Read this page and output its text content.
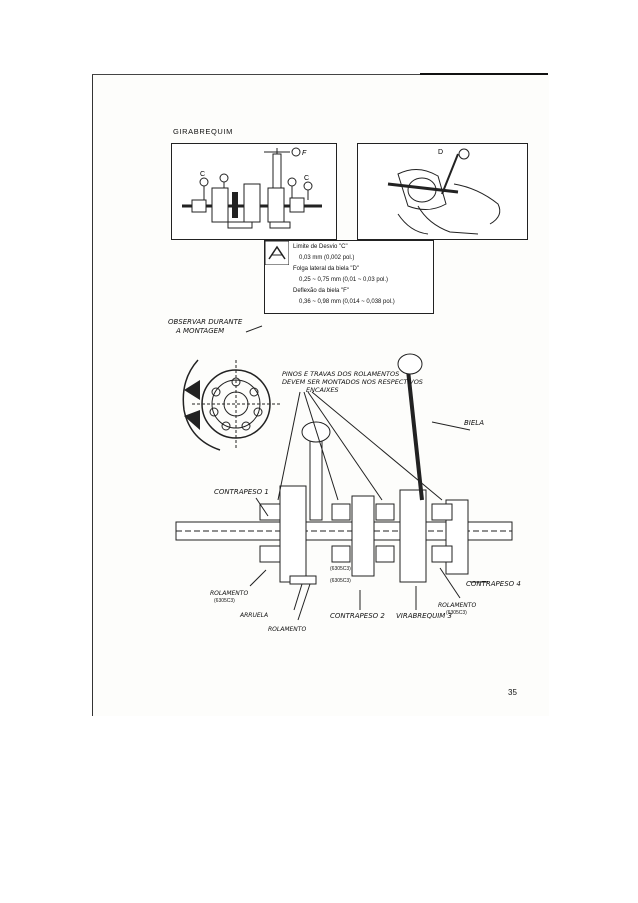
GIRABREQUIM
C
C
F	D
Limite de Desvio "C"
0,03 mm (0,002 pol.)
Folga lateral da biela "D"
0,25 ~ 0,75 mm (0,01 ~ 0,03 pol.)
Deflexão da biela "F"
0,36 ~ 0,98 mm (0,014 ~ 0,038 pol.)
OBSERVAR DURANTE
A MONTAGEM
PINOS E TRAVAS DOS ROLAMENTOS
DEVEM SER MONTADOS NOS RESPECTIVOS
ENCAIXES
BIELA
CONTRAPESO 1
CONTRAPESO 4
CONTRAPESO 2 VIRABREQUIM 3
ROLAMENTO
(6305C3)
ARRUELA
ROLAMENTO
ROLAMENTO
(6305C3)
(6305C3)
(6305C3)
35
